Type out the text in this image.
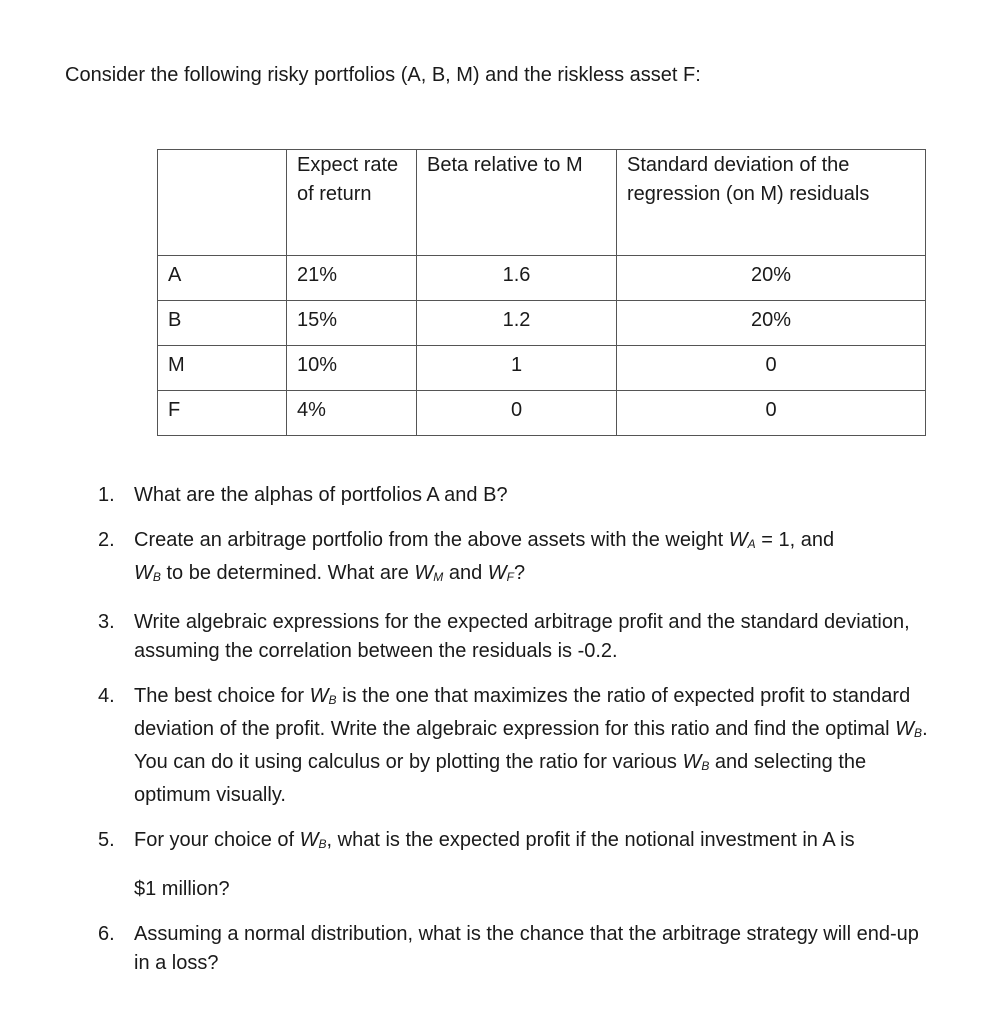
Consider the following risky portfolios (A, B, M) and the riskless asset F:

	Expect rate of return	Beta relative to M	Standard deviation of the regression (on M) residuals
A	21%	1.6	20%
B	15%	1.2	20%
M	10%	1	0
F	4%	0	0
1. What are the alphas of portfolios A and B?
2. Create an arbitrage portfolio from the above assets with the weight $W_A = 1$, and
$W_B$ to be determined. What are $W_M$ and $W_F$?
3. Write algebraic expressions for the expected arbitrage profit and the standard deviation, assuming the correlation between the residuals is -0.2.
4. The best choice for $W_B$ is the one that maximizes the ratio of expected profit to standard deviation of the profit. Write the algebraic expression for this ratio and find the optimal $W_B$. You can do it using calculus or by plotting the ratio for various $W_B$ and selecting the optimum visually.
5. For your choice of $W_B$, what is the expected profit if the notional investment in A is
$1 million?
6. Assuming a normal distribution, what is the chance that the arbitrage strategy will end-up in a loss?
